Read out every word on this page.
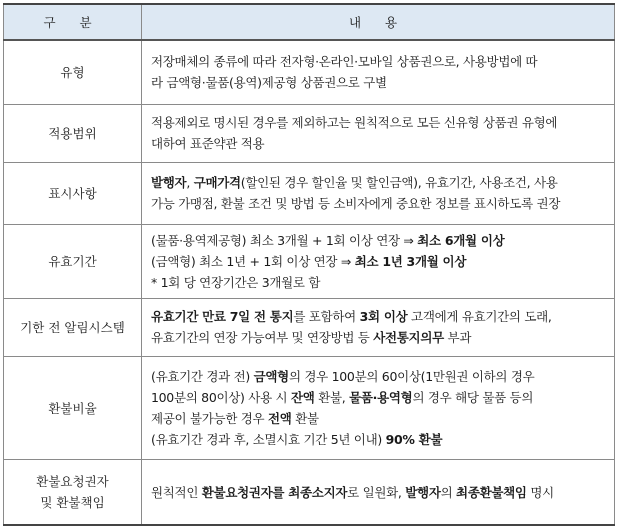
구 분	내 용

유형	저장매체의 종류에 따라 전자형·온라인·모바일 상품권으로, 사용방법에 따
라 금액형·물품(용역)제공형 상품권으로 구별

적용범위	적용제외로 명시된 경우를 제외하고는 원칙적으로 모든 신유형 상품권 유형에
대하여 표준약관 적용

표시사항	발행자, 구매가격(할인된 경우 할인율 및 할인금액), 유효기간, 사용조건, 사용
가능 가맹점, 환불 조건 및 방법 등 소비자에게 중요한 정보를 표시하도록 권장

유효기간	(물품·용역제공형) 최소 3개월 + 1회 이상 연장 ⇒ 최소 6개월 이상
(금액형) 최소 1년 + 1회 이상 연장 ⇒ 최소 1년 3개월 이상
* 1회 당 연장기간은 3개월로 함

기한 전 알림시스템	유효기간 만료 7일 전 통지를 포함하여 3회 이상 고객에게 유효기간의 도래,
유효기간의 연장 가능여부 및 연장방법 등 사전통지의무 부과

환불비율	(유효기간 경과 전) 금액형의 경우 100분의 60이상(1만원권 이하의 경우
100분의 80이상) 사용 시 잔액 환불, 물품·용역형의 경우 해당 물품 등의
제공이 불가능한 경우 전액 환불
(유효기간 경과 후, 소멸시효 기간 5년 이내) 90% 환불

환불요청권자
및 환불책임	원칙적인 환불요청권자를 최종소지자로 일원화, 발행자의 최종환불책임 명시
